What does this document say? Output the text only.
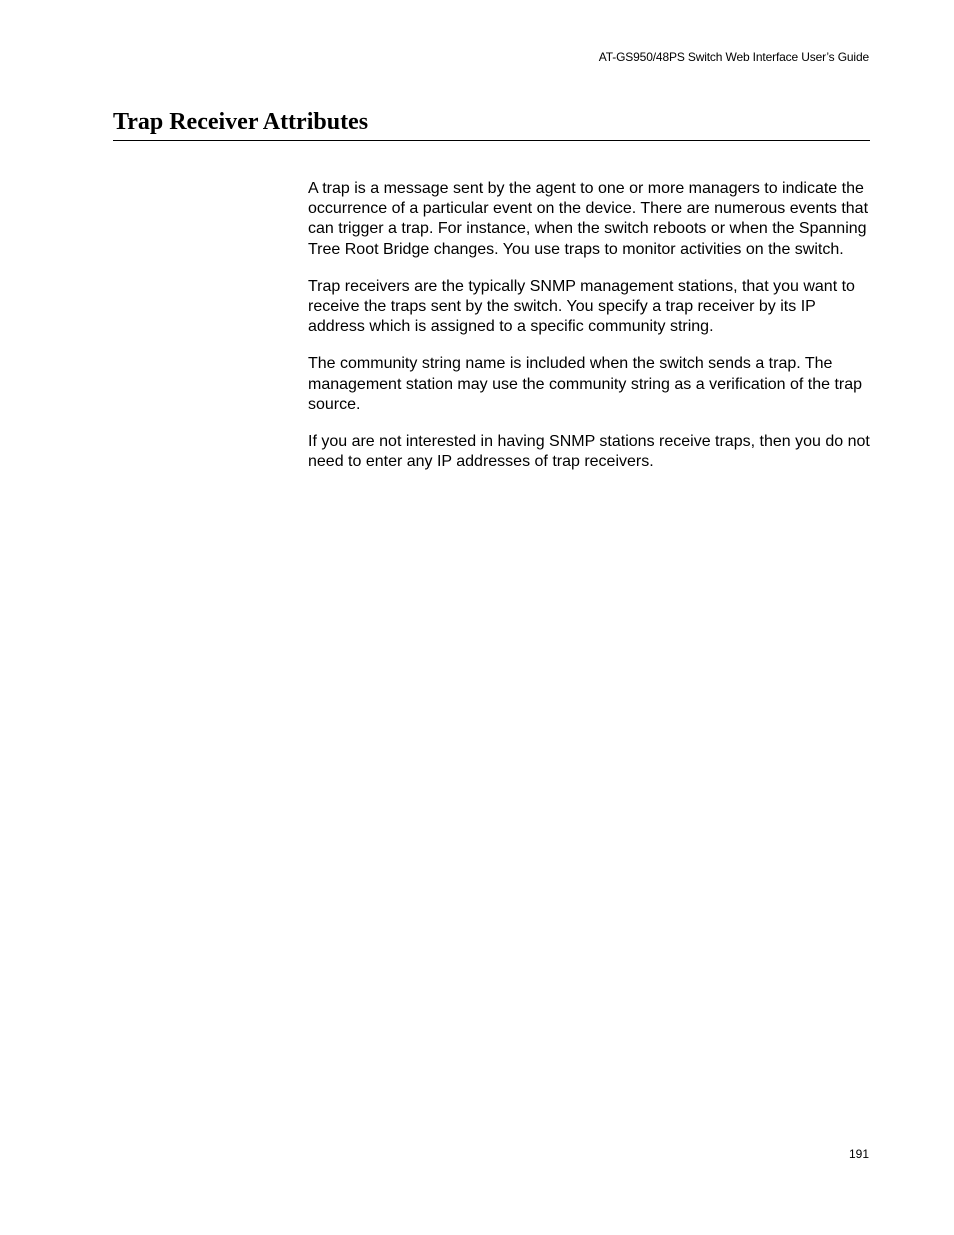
AT-GS950/48PS Switch Web Interface User’s Guide
Trap Receiver Attributes

A trap is a message sent by the agent to one or more managers to indicate the occurrence of a particular event on the device. There are numerous events that can trigger a trap. For instance, when the switch reboots or when the Spanning Tree Root Bridge changes. You use traps to monitor activities on the switch.

Trap receivers are the typically SNMP management stations, that you want to receive the traps sent by the switch. You specify a trap receiver by its IP address which is assigned to a specific community string.

The community string name is included when the switch sends a trap. The management station may use the community string as a verification of the trap source.

If you are not interested in having SNMP stations receive traps, then you do not need to enter any IP addresses of trap receivers.

191
